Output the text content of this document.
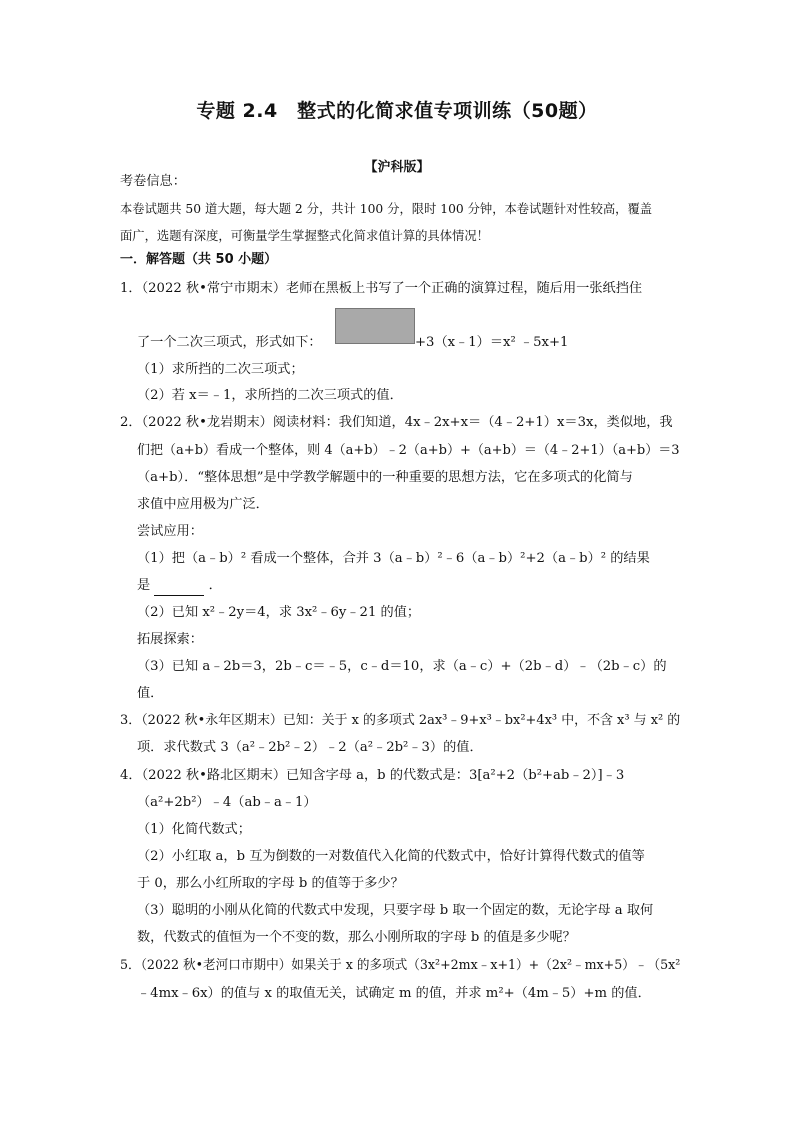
专题 2.4　整式的化简求值专项训练（50题）
【沪科版】
考卷信息：
本卷试题共 50 道大题，每大题 2 分，共计 100 分，限时 100 分钟，本卷试题针对性较高，覆盖
面广，选题有深度，可衡量学生掌握整式化简求值计算的具体情况！
一．解答题（共 50 小题）
1．（2022 秋•常宁市期末）老师在黑板上书写了一个正确的演算过程，随后用一张纸挡住
了一个二次三项式，形式如下：	+3（x﹣1）＝x² ﹣5x+1
（1）求所挡的二次三项式；
（2）若 x＝﹣1，求所挡的二次三项式的值．
2．（2022 秋•龙岩期末）阅读材料：我们知道，4x﹣2x+x＝（4﹣2+1）x＝3x，类似地，我
们把（a+b）看成一个整体，则 4（a+b）﹣2（a+b）+（a+b）＝（4﹣2+1）（a+b）＝3
（a+b）．“整体思想”是中学教学解题中的一种重要的思想方法，它在多项式的化简与
求值中应用极为广泛．
尝试应用：
（1）把（a﹣b）² 看成一个整体，合并 3（a﹣b）²﹣6（a﹣b）²+2（a﹣b）² 的结果
是	．
（2）已知 x²﹣2y＝4，求 3x²﹣6y﹣21 的值；
拓展探索：
（3）已知 a﹣2b＝3，2b﹣c＝﹣5，c﹣d＝10，求（a﹣c）+（2b﹣d）﹣（2b﹣c）的
值．
3．（2022 秋•永年区期末）已知：关于 x 的多项式 2ax³﹣9+x³﹣bx²+4x³ 中，不含 x³ 与 x² 的
项．求代数式 3（a²﹣2b²﹣2）﹣2（a²﹣2b²﹣3）的值．
4．（2022 秋•路北区期末）已知含字母 a，b 的代数式是：3[a²+2（b²+ab﹣2）]﹣3
（a²+2b²）﹣4（ab﹣a﹣1）
（1）化简代数式；
（2）小红取 a，b 互为倒数的一对数值代入化简的代数式中，恰好计算得代数式的值等
于 0，那么小红所取的字母 b 的值等于多少？
（3）聪明的小刚从化简的代数式中发现，只要字母 b 取一个固定的数，无论字母 a 取何
数，代数式的值恒为一个不变的数，那么小刚所取的字母 b 的值是多少呢？
5．（2022 秋•老河口市期中）如果关于 x 的多项式（3x²+2mx﹣x+1）+（2x²﹣mx+5）﹣（5x²
﹣4mx﹣6x）的值与 x 的取值无关，试确定 m 的值，并求 m²+（4m﹣5）+m 的值．
